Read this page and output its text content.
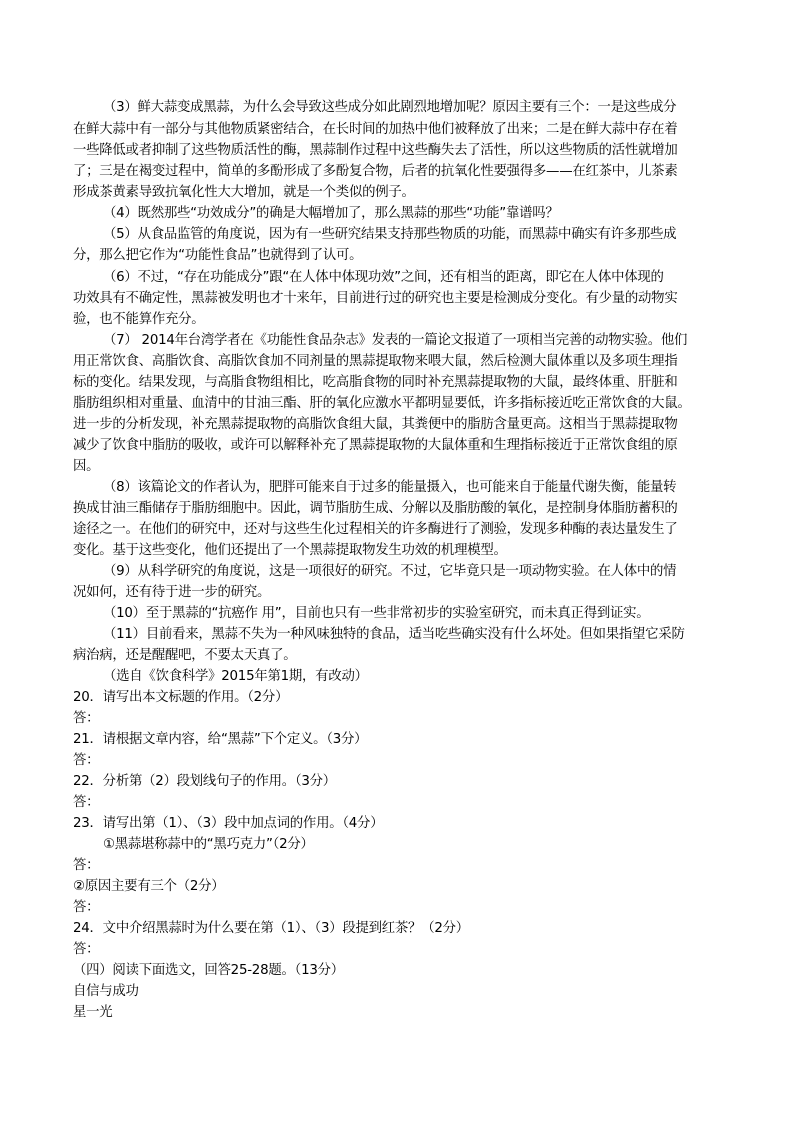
（3）鲜大蒜变成黑蒜，为什么会导致这些成分如此剧烈地增加呢？原因主要有三个：一是这些成分
在鲜大蒜中有一部分与其他物质紧密结合，在长时间的加热中他们被释放了出来；二是在鲜大蒜中存在着
一些降低或者抑制了这些物质活性的酶，黑蒜制作过程中这些酶失去了活性，所以这些物质的活性就增加
了；三是在褐变过程中，简单的多酚形成了多酚复合物，后者的抗氧化性要强得多——在红茶中，儿茶素
形成茶黄素导致抗氧化性大大增加，就是一个类似的例子。
（4）既然那些“功效成分”的确是大幅增加了，那么黑蒜的那些“功能”靠谱吗？
（5）从食品监管的角度说，因为有一些研究结果支持那些物质的功能，而黑蒜中确实有许多那些成
分，那么把它作为“功能性食品”也就得到了认可。
（6）不过，“存在功能成分”跟“在人体中体现功效”之间，还有相当的距离，即它在人体中体现的
功效具有不确定性，黑蒜被发明也才十来年，目前进行过的研究也主要是检测成分变化。有少量的动物实
验，也不能算作充分。
（7） 2014年台湾学者在《功能性食品杂志》发表的一篇论文报道了一项相当完善的动物实验。他们
用正常饮食、高脂饮食、高脂饮食加不同剂量的黑蒜提取物来喂大鼠，然后检测大鼠体重以及多项生理指
标的变化。结果发现，与高脂食物组相比，吃高脂食物的同时补充黑蒜提取物的大鼠，最终体重、肝脏和
脂肪组织相对重量、血清中的甘油三酯、肝的氧化应激水平都明显要低，许多指标接近吃正常饮食的大鼠。
进一步的分析发现，补充黑蒜提取物的高脂饮食组大鼠，其粪便中的脂肪含量更高。这相当于黑蒜提取物
减少了饮食中脂肪的吸收，或许可以解释补充了黑蒜提取物的大鼠体重和生理指标接近于正常饮食组的原
因。
（8）该篇论文的作者认为，肥胖可能来自于过多的能量摄入，也可能来自于能量代谢失衡，能量转
换成甘油三酯储存于脂肪细胞中。因此，调节脂肪生成、分解以及脂肪酸的氧化，是控制身体脂肪蓄积的
途径之一。在他们的研究中，还对与这些生化过程相关的许多酶进行了测验，发现多种酶的表达量发生了
变化。基于这些变化，他们还提出了一个黑蒜提取物发生功效的机理模型。
（9）从科学研究的角度说，这是一项很好的研究。不过，它毕竟只是一项动物实验。在人体中的情
况如何，还有待于进一步的研究。
（10）至于黑蒜的“抗癌作 用”，目前也只有一些非常初步的实验室研究，而未真正得到证实。
（11）目前看来，黑蒜不失为一种风味独特的食品，适当吃些确实没有什么坏处。但如果指望它采防
病治病，还是醒醒吧，不要太天真了。
（选自《饮食科学》2015年第1期，有改动）
20．请写出本文标题的作用。（2分）
答：
21．请根据文章内容，给“黑蒜”下个定义。（3分）
答：
22．分析第（2）段划线句子的作用。（3分）
答：
23．请写出第（1）、（3）段中加点词的作用。（4分）
①黑蒜堪称蒜中的“黑巧克力”（2分）
答：
②原因主要有三个（2分）
答：
24．文中介绍黑蒜时为什么要在第（1）、（3）段提到红茶？（2分）
答：
（四）阅读下面选文，回答25-28题。（13分）
自信与成功
星一光
